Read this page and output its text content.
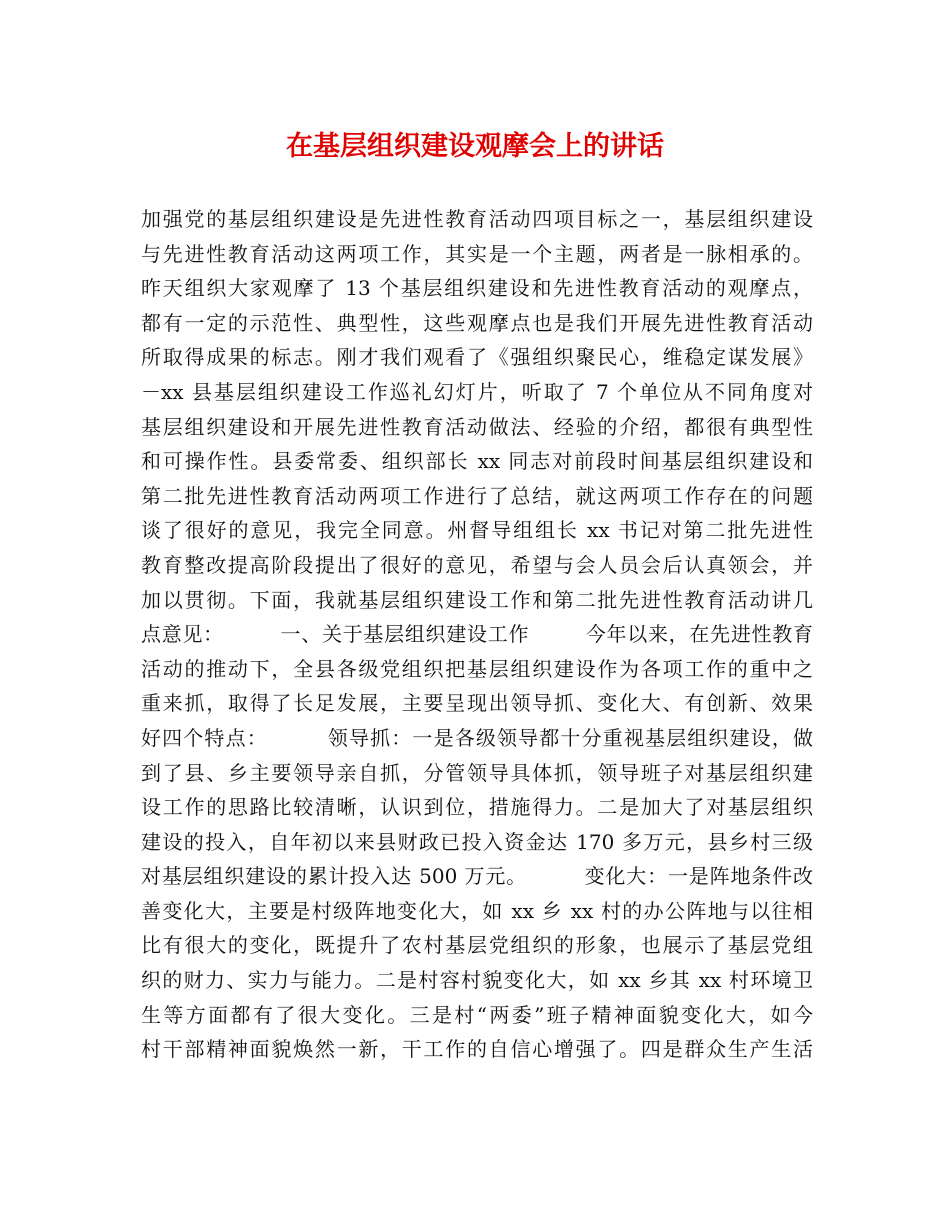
在基层组织建设观摩会上的讲话
加强党的基层组织建设是先进性教育活动四项目标之一，基层组织建设
与先进性教育活动这两项工作，其实是一个主题，两者是一脉相承的。
昨天组织大家观摩了 13 个基层组织建设和先进性教育活动的观摩点，
都有一定的示范性、典型性，这些观摩点也是我们开展先进性教育活动
所取得成果的标志。刚才我们观看了《强组织聚民心，维稳定谋发展》
－xx 县基层组织建设工作巡礼幻灯片，听取了 7 个单位从不同角度对
基层组织建设和开展先进性教育活动做法、经验的介绍，都很有典型性
和可操作性。县委常委、组织部长 xx 同志对前段时间基层组织建设和
第二批先进性教育活动两项工作进行了总结，就这两项工作存在的问题
谈了很好的意见，我完全同意。州督导组组长 xx 书记对第二批先进性
教育整改提高阶段提出了很好的意见，希望与会人员会后认真领会，并
加以贯彻。下面，我就基层组织建设工作和第二批先进性教育活动讲几
点意见：        一、关于基层组织建设工作        今年以来，在先进性教育
活动的推动下，全县各级党组织把基层组织建设作为各项工作的重中之
重来抓，取得了长足发展，主要呈现出领导抓、变化大、有创新、效果
好四个特点：        领导抓：一是各级领导都十分重视基层组织建设，做
到了县、乡主要领导亲自抓，分管领导具体抓，领导班子对基层组织建
设工作的思路比较清晰，认识到位，措施得力。二是加大了对基层组织
建设的投入，自年初以来县财政已投入资金达 170 多万元，县乡村三级
对基层组织建设的累计投入达 500 万元。        变化大：一是阵地条件改
善变化大，主要是村级阵地变化大，如 xx 乡 xx 村的办公阵地与以往相
比有很大的变化，既提升了农村基层党组织的形象，也展示了基层党组
织的财力、实力与能力。二是村容村貌变化大，如 xx 乡其 xx 村环境卫
生等方面都有了很大变化。三是村“两委”班子精神面貌变化大，如今
村干部精神面貌焕然一新，干工作的自信心增强了。四是群众生产生活
